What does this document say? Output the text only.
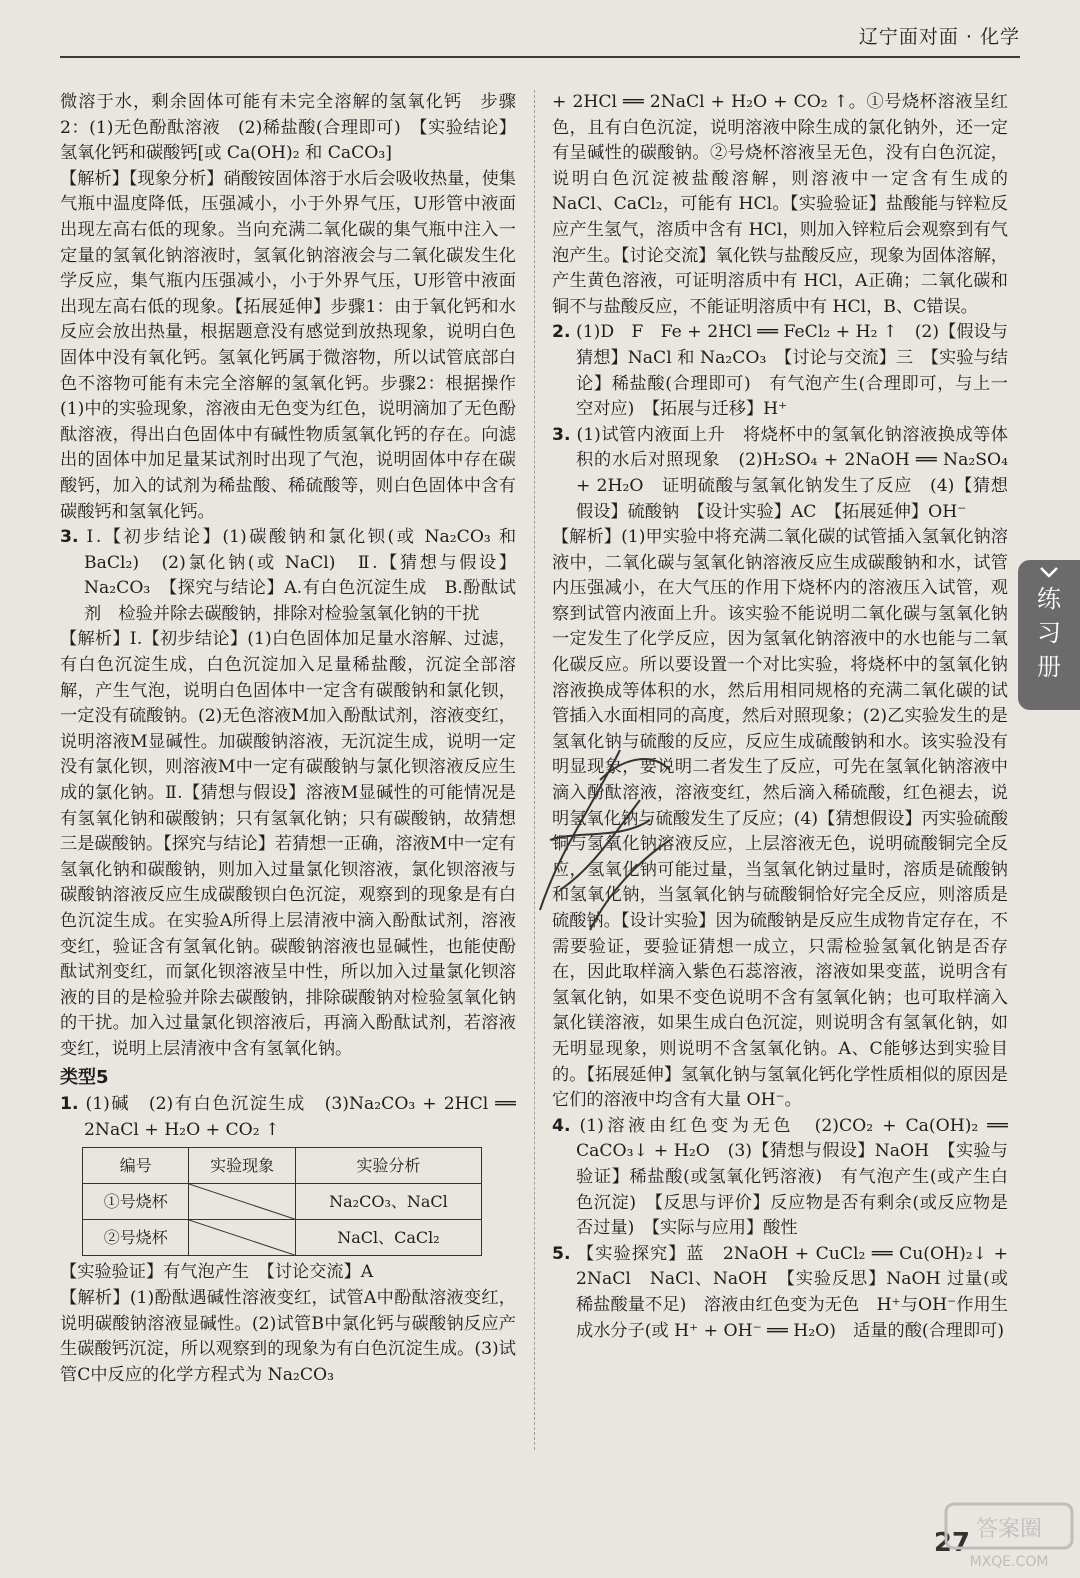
辽宁面对面 · 化学

微溶于水，剩余固体可能有未完全溶解的氢氧化钙　步骤2：(1)无色酚酞溶液　(2)稀盐酸(合理即可)　【实验结论】氢氧化钙和碳酸钙[或 Ca(OH)₂ 和 CaCO₃]

【解析】【现象分析】硝酸铵固体溶于水后会吸收热量，使集气瓶中温度降低，压强减小，小于外界气压，U形管中液面出现左高右低的现象。当向充满二氧化碳的集气瓶中注入一定量的氢氧化钠溶液时，氢氧化钠溶液会与二氧化碳发生化学反应，集气瓶内压强减小，小于外界气压，U形管中液面出现左高右低的现象。【拓展延伸】步骤1：由于氧化钙和水反应会放出热量，根据题意没有感觉到放热现象，说明白色固体中没有氧化钙。氢氧化钙属于微溶物，所以试管底部白色不溶物可能有未完全溶解的氢氧化钙。步骤2：根据操作(1)中的实验现象，溶液由无色变为红色，说明滴加了无色酚酞溶液，得出白色固体中有碱性物质氢氧化钙的存在。向滤出的固体中加足量某试剂时出现了气泡，说明固体中存在碳酸钙，加入的试剂为稀盐酸、稀硫酸等，则白色固体中含有碳酸钙和氢氧化钙。

3. Ⅰ.【初步结论】(1)碳酸钠和氯化钡(或 Na₂CO₃ 和 BaCl₂)　(2)氯化钠(或 NaCl)　Ⅱ.【猜想与假设】Na₂CO₃　【探究与结论】A.有白色沉淀生成　B.酚酞试剂　检验并除去碳酸钠，排除对检验氢氧化钠的干扰

【解析】Ⅰ.【初步结论】(1)白色固体加足量水溶解、过滤，有白色沉淀生成，白色沉淀加入足量稀盐酸，沉淀全部溶解，产生气泡，说明白色固体中一定含有碳酸钠和氯化钡，一定没有硫酸钠。(2)无色溶液M加入酚酞试剂，溶液变红，说明溶液M显碱性。加碳酸钠溶液，无沉淀生成，说明一定没有氯化钡，则溶液M中一定有碳酸钠与氯化钡溶液反应生成的氯化钠。Ⅱ.【猜想与假设】溶液M显碱性的可能情况是有氢氧化钠和碳酸钠；只有氢氧化钠；只有碳酸钠，故猜想三是碳酸钠。【探究与结论】若猜想一正确，溶液M中一定有氢氧化钠和碳酸钠，则加入过量氯化钡溶液，氯化钡溶液与碳酸钠溶液反应生成碳酸钡白色沉淀，观察到的现象是有白色沉淀生成。在实验A所得上层清液中滴入酚酞试剂，溶液变红，验证含有氢氧化钠。碳酸钠溶液也显碱性，也能使酚酞试剂变红，而氯化钡溶液呈中性，所以加入过量氯化钡溶液的目的是检验并除去碳酸钠，排除碳酸钠对检验氢氧化钠的干扰。加入过量氯化钡溶液后，再滴入酚酞试剂，若溶液变红，说明上层清液中含有氢氧化钠。

类型5

1. (1)碱　(2)有白色沉淀生成　(3)Na₂CO₃ + 2HCl ══ 2NaCl + H₂O + CO₂ ↑

编号	实验现象	实验分析
①号烧杯		Na₂CO₃、NaCl
②号烧杯		NaCl、CaCl₂

【实验验证】有气泡产生　【讨论交流】A

【解析】(1)酚酞遇碱性溶液变红，试管A中酚酞溶液变红，说明碳酸钠溶液显碱性。(2)试管B中氯化钙与碳酸钠反应产生碳酸钙沉淀，所以观察到的现象为有白色沉淀生成。(3)试管C中反应的化学方程式为 Na₂CO₃

+ 2HCl ══ 2NaCl + H₂O + CO₂ ↑。①号烧杯溶液呈红色，且有白色沉淀，说明溶液中除生成的氯化钠外，还一定有呈碱性的碳酸钠。②号烧杯溶液呈无色，没有白色沉淀，说明白色沉淀被盐酸溶解，则溶液中一定含有生成的 NaCl、CaCl₂，可能有 HCl。【实验验证】盐酸能与锌粒反应产生氢气，溶质中含有 HCl，则加入锌粒后会观察到有气泡产生。【讨论交流】氧化铁与盐酸反应，现象为固体溶解，产生黄色溶液，可证明溶质中有 HCl，A正确；二氧化碳和铜不与盐酸反应，不能证明溶质中有 HCl，B、C错误。

2. (1)D　F　Fe + 2HCl ══ FeCl₂ + H₂ ↑　(2)【假设与猜想】NaCl 和 Na₂CO₃　【讨论与交流】三　【实验与结论】稀盐酸(合理即可)　有气泡产生(合理即可，与上一空对应)　【拓展与迁移】H⁺

3. (1)试管内液面上升　将烧杯中的氢氧化钠溶液换成等体积的水后对照现象　(2)H₂SO₄ + 2NaOH ══ Na₂SO₄ + 2H₂O　证明硫酸与氢氧化钠发生了反应　(4)【猜想假设】硫酸钠　【设计实验】AC　【拓展延伸】OH⁻

【解析】(1)甲实验中将充满二氧化碳的试管插入氢氧化钠溶液中，二氧化碳与氢氧化钠溶液反应生成碳酸钠和水，试管内压强减小，在大气压的作用下烧杯内的溶液压入试管，观察到试管内液面上升。该实验不能说明二氧化碳与氢氧化钠一定发生了化学反应，因为氢氧化钠溶液中的水也能与二氧化碳反应。所以要设置一个对比实验，将烧杯中的氢氧化钠溶液换成等体积的水，然后用相同规格的充满二氧化碳的试管插入水面相同的高度，然后对照现象；(2)乙实验发生的是氢氧化钠与硫酸的反应，反应生成硫酸钠和水。该实验没有明显现象，要说明二者发生了反应，可先在氢氧化钠溶液中滴入酚酞溶液，溶液变红，然后滴入稀硫酸，红色褪去，说明氢氧化钠与硫酸发生了反应；(4)【猜想假设】丙实验硫酸铜与氢氧化钠溶液反应，上层溶液无色，说明硫酸铜完全反应，氢氧化钠可能过量，当氢氧化钠过量时，溶质是硫酸钠和氢氧化钠，当氢氧化钠与硫酸铜恰好完全反应，则溶质是硫酸钠。【设计实验】因为硫酸钠是反应生成物肯定存在，不需要验证，要验证猜想一成立，只需检验氢氧化钠是否存在，因此取样滴入紫色石蕊溶液，溶液如果变蓝，说明含有氢氧化钠，如果不变色说明不含有氢氧化钠；也可取样滴入氯化镁溶液，如果生成白色沉淀，则说明含有氢氧化钠，如无明显现象，则说明不含氢氧化钠。A、C能够达到实验目的。【拓展延伸】氢氧化钠与氢氧化钙化学性质相似的原因是它们的溶液中均含有大量 OH⁻。

4. (1)溶液由红色变为无色　(2)CO₂ + Ca(OH)₂ ══ CaCO₃↓ + H₂O　(3)【猜想与假设】NaOH　【实验与验证】稀盐酸(或氢氧化钙溶液)　有气泡产生(或产生白色沉淀)　【反思与评价】反应物是否有剩余(或反应物是否过量)　【实际与应用】酸性

5. 【实验探究】蓝　2NaOH + CuCl₂ ══ Cu(OH)₂↓ + 2NaCl　NaCl、NaOH　【实验反思】NaOH 过量(或稀盐酸量不足)　溶液由红色变为无色　H⁺与OH⁻作用生成水分子(或 H⁺ + OH⁻ ══ H₂O)　适量的酸(合理即可)

练
习
册
27 答案圈
MXQE.COM
